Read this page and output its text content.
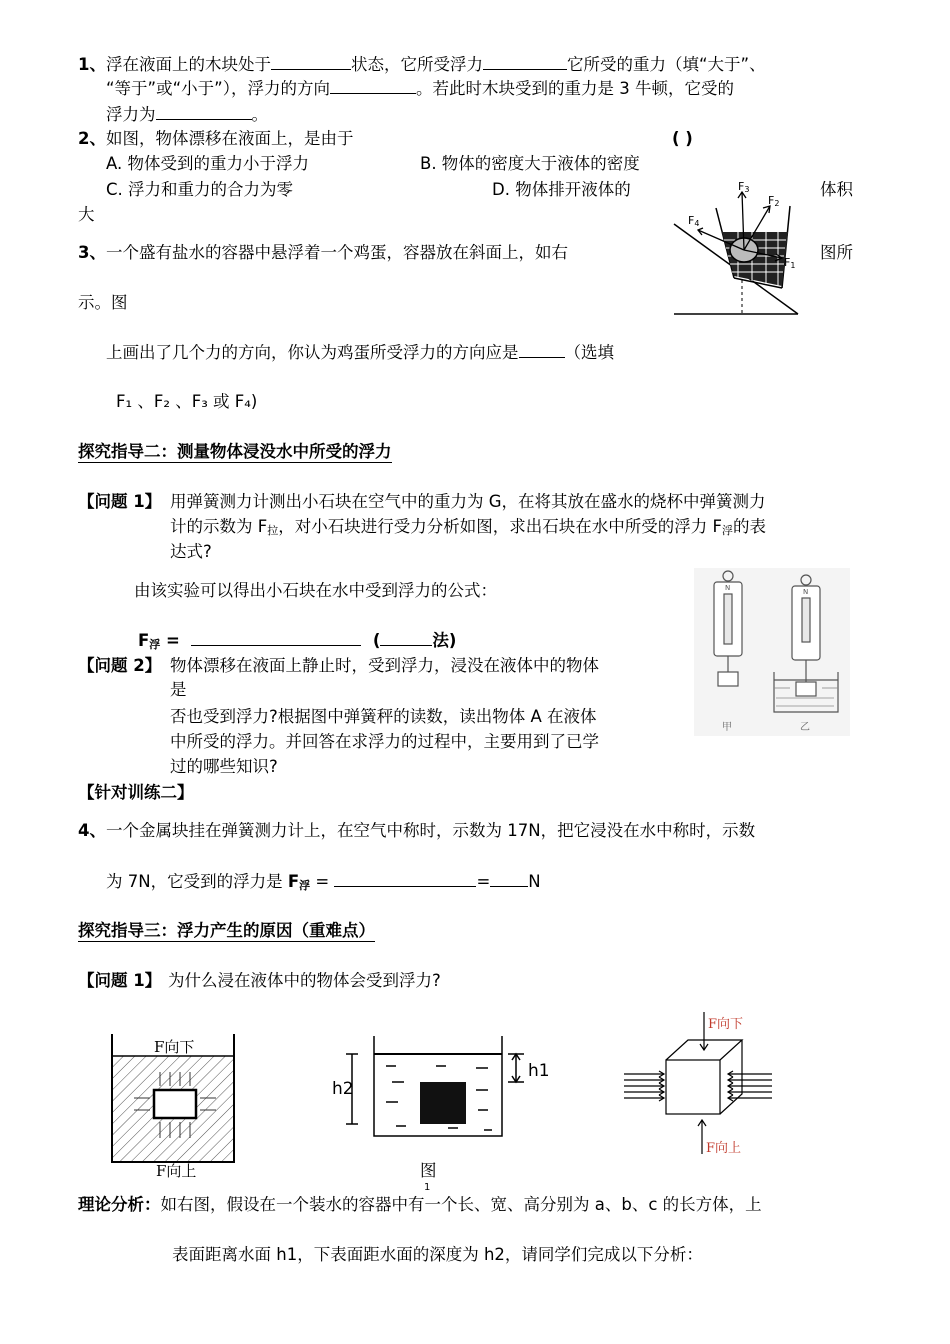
1、浮在液面上的木块处于	状态，它所受浮力	它所受的重力（填“大于”、
“等于”或“小于”），浮力的方向	。若此时木块受到的重力是 3 牛顿，它受的
浮力为	。
2、如图，物体漂移在液面上，是由于	( )
A. 物体受到的重力小于浮力	B. 物体的密度大于液体的密度
C. 浮力和重力的合力为零	D. 物体排开液体的	体积
大
F3
F2
F4
F1
3、一个盛有盐水的容器中悬浮着一个鸡蛋，容器放在斜面上，如右	图所
示。图
上画出了几个力的方向，你认为鸡蛋所受浮力的方向应是	（选填
F₁ 、F₂ 、F₃ 或 F₄)
探究指导二：测量物体浸没水中所受的浮力
【问题 1】 用弹簧测力计测出小石块在空气中的重力为 G，在将其放在盛水的烧杯中弹簧测力
计的示数为 F拉，对小石块进行受力分析如图，求出石块在水中所受的浮力 F浮的表
达式?
由该实验可以得出小石块在水中受到浮力的公式：
F浮 =	(	法)
【问题 2】 物体漂移在液面上静止时，受到浮力，浸没在液体中的物体
是
否也受到浮力?根据图中弹簧秤的读数，读出物体 A 在液体
中所受的浮力。并回答在求浮力的过程中，主要用到了已学
过的哪些知识?
【针对训练二】
N	N
甲	乙
4、一个金属块挂在弹簧测力计上，在空气中称时，示数为 17N，把它浸没在水中称时，示数
为 7N，它受到的浮力是 F浮 =	= N
探究指导三：浮力产生的原因（重难点）
【问题 1】 为什么浸在液体中的物体会受到浮力?
F向下
F向上
h2
h1
图
1
F向下
F向上
理论分析：如右图，假设在一个装水的容器中有一个长、宽、高分别为 a、b、c 的长方体，上
表面距离水面 h1，下表面距水面的深度为 h2，请同学们完成以下分析：
